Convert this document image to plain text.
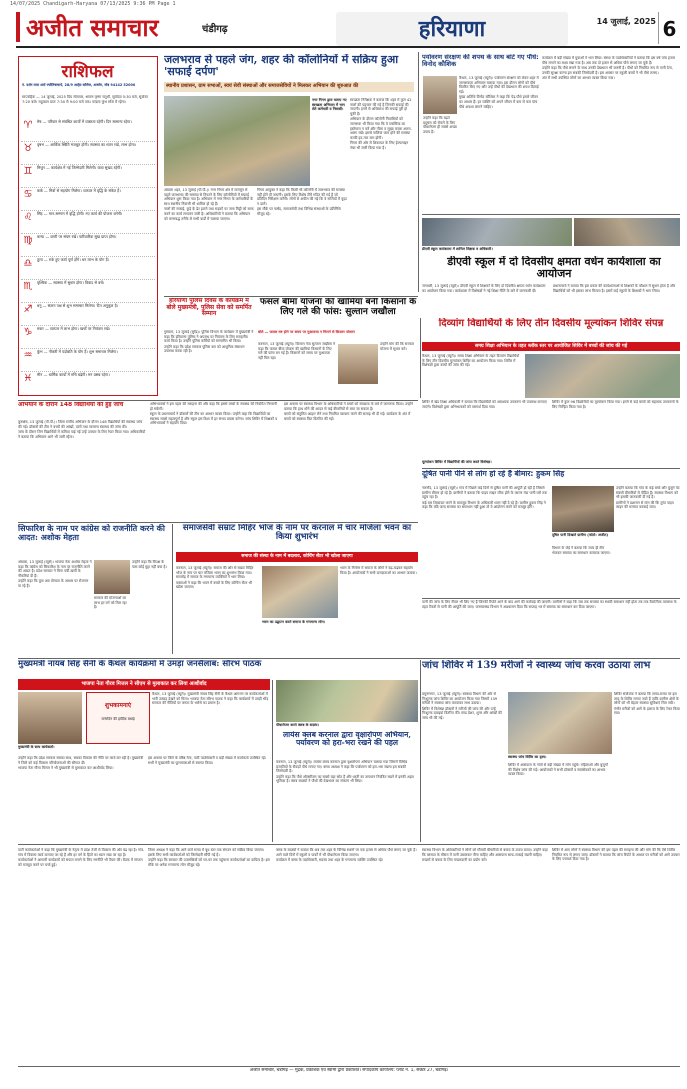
14/07/2025 Chandigarh-Haryana 07/13/2025 9:36 PM Page 1
अजीत समाचार	चंडीगढ़	हरियाणा	14 जुलाई, 2025 6
राशिफल
पं. दर्शन लाल शर्मा ज्योतिषाचार्य, 28/9 आर्ट्स कॉलेज, अजमेर, मोब 94142 52000
साप्ताहिक — 14 जुलाई, 2025 प्रिय सोमवार, श्रावण कृष्ण चतुर्थी, सूर्योदय 5:30 बजे, सूर्यास्त 7:20 बजे। राहुकाल प्रातः 7:30 से 9:00 बजे तक। चन्द्रमा कुंभ राशि में रहेगा।
♈	मेष — परिवार से संबंधित कार्यों में व्यस्तता रहेगी। दिन सामान्य रहेगा।
♉	वृषभ — आर्थिक स्थिति मजबूत होगी। स्वास्थ्य का ध्यान रखें, लाभ होगा।
♊	मिथुन — कार्यक्षेत्र में नई जिम्मेदारी मिलेगी। यात्रा सुखद रहेगी।
♋	कर्क — मित्रों से सहयोग मिलेगा। व्यापार में वृद्धि के संकेत हैं।
♌	सिंह — मान-सम्मान में वृद्धि होगी। नए कार्य की योजना बनेगी।
♍	कन्या — वाणी पर संयम रखें। पारिवारिक सुख प्राप्त होगा।
♎	तुला — रुके हुए कार्य पूर्ण होंगे। धन लाभ के योग हैं।
♏	वृश्चिक — स्वास्थ्य में सुधार होगा। विवाद से बचें।
♐	धनु — संतान पक्ष से शुभ समाचार मिलेगा। दिन अनुकूल है।
♑	मकर — व्यापार में लाभ होगा। खर्चों पर नियंत्रण रखें।
♒	कुंभ — नौकरी में पदोन्नति के योग हैं। शुभ समाचार मिलेगा।
♓	मीन — धार्मिक कार्यों में रुचि बढ़ेगी। मन प्रसन्न रहेगा।
जलभराव से पहले जंग, शहर की कॉलोनियों में सक्रिय हुआ 'सफाई दर्पण'
स्थानीय प्रशासन, ग्राम सभाओं, स्वयं सेवी संस्थाओं और समाजसेवियों ने मिलकर अभियान की शुरुआत की
नगर निगम द्वारा चलाए गए स्वच्छता अभियान में भाग लेते कर्मचारी व निवासी।

अंबाला शहर, 13 जुलाई (पी.पी.)। नगर निगम क्षेत्र में मानसून से पहले जलभराव की समस्या से निपटने के लिए कॉलोनियों में सफाई अभियान शुरू किया गया है। अभियान में नगर निगम के कर्मचारियों के साथ स्थानीय निवासी भी शामिल हो रहे हैं।

नालों की सफाई, कूड़े के ढेर हटाने तथा सड़कों पर जमा मिट्टी को साफ करने का कार्य लगातार जारी है। अधिकारियों ने बताया कि अभियान को चरणबद्ध तरीके से सभी वार्डों में चलाया जाएगा।

निगम आयुक्त ने कहा कि किसी भी कॉलोनी में जलभराव की समस्या नहीं होने दी जाएगी। इसके लिए विशेष टीमें गठित की गई हैं जो प्रतिदिन निरीक्षण करेंगी। लोगों से अपील की गई कि वे नालियों में कूड़ा न डालें।

इस मौके पर पार्षद, समाजसेवी तथा विभिन्न संस्थाओं के प्रतिनिधि मौजूद रहे।

स्वच्छता निरीक्षक ने बताया कि शहर में कुल 42 नालों की पहचान की गई है जिनकी सफाई की जाएगी। इनमें से अधिकांश की सफाई पूरी हो चुकी है।

अभियान के दौरान कॉलोनी निवासियों को जागरूक भी किया गया कि वे प्लास्टिक का इस्तेमाल न करें और गीला व सूखा कचरा अलग-अलग रखें। इससे नालियां जाम होने की समस्या काफी हद तक कम होगी।

निगम की ओर से शिकायत के लिए हेल्पलाइन नंबर भी जारी किया गया है।

पर्यावरण संरक्षण की शपथ के साथ बांटे गए पौधे: विनोद कौशिक

कैथल, 13 जुलाई (ब्यूरो)। पर्यावरण संरक्षण को लेकर शहर में जागरूकता अभियान चलाया गया। इस दौरान लोगों को पौधे वितरित किए गए और उन्हें पौधों की देखभाल की शपथ दिलाई गई।

मुख्य अतिथि विनोद कौशिक ने कहा कि पेड़-पौधे हमारे जीवन का आधार हैं। हर व्यक्ति को अपने जीवन में कम से कम पांच पौधे अवश्य लगाने चाहिए।

उन्होंने कहा कि बढ़ते प्रदूषण को रोकने के लिए पौधारोपण ही सबसे अच्छा उपाय है।

कार्यक्रम में बड़ी संख्या में युवाओं ने भाग लिया। संस्था के पदाधिकारियों ने बताया कि इस वर्ष पांच हजार पौधे लगाने का लक्ष्य रखा गया है। अब तक दो हजार से अधिक पौधे लगाए जा चुके हैं।

उन्होंने कहा कि पौधे लगाने के साथ उनकी देखभाल भी जरूरी है। पौधों को नियमित रूप से पानी देना, उनकी सुरक्षा करना हम सबकी जिम्मेदारी है। इस अवसर पर स्कूली बच्चों ने भी पौधे लगाए।

अंत में सभी उपस्थित लोगों का आभार व्यक्त किया गया।

डीएवी स्कूल कार्यशाला में शामिल शिक्षक व अधिकारी।
डीएवी स्कूल में दो दिवसीय क्षमता वर्धन कार्यशाला का आयोजन

जगाधरी, 13 जुलाई (ब्यूरो)। डीएवी स्कूल में शिक्षकों के लिए दो दिवसीय क्षमता वर्धन कार्यशाला का आयोजन किया गया। कार्यशाला में विशेषज्ञों ने नई शिक्षा नीति के बारे में जानकारी दी।

प्रधानाचार्य ने बताया कि इस प्रकार की कार्यशालाओं से शिक्षकों के कौशल में सुधार होता है और विद्यार्थियों को भी इसका लाभ मिलता है। इसमें कई स्कूलों के शिक्षकों ने भाग लिया।

हरियाणा पुलिस दिवस के कार्यक्रम में बोले मुख्यमंत्री, पुलिस सेवा को समर्पित सम्मान

गुरुग्राम, 13 जुलाई (सुरेंद्र)। पुलिस विभाग के कार्यक्रम में मुख्यमंत्री ने कहा कि हरियाणा पुलिस ने अपराध पर नियंत्रण के लिए सराहनीय कार्य किया है। उन्होंने पुलिस कर्मियों को सम्मानित भी किया।

उन्होंने कहा कि प्रदेश सरकार पुलिस बल को आधुनिक संसाधन उपलब्ध करवा रही है।

फसल बीमा योजना की खामियां बनी किसानों के लिए गले की फांस: सुल्तान जखौला
बोले — फसल नष्ट होने पर समय पर मुआवजा न मिलने से किसान परेशान

करनाल, 13 जुलाई (ब्यूरो)। किसान नेता सुल्तान जखौला ने कहा कि फसल बीमा योजना की खामियां किसानों के लिए गले की फांस बन गई हैं। किसानों को समय पर मुआवजा नहीं मिल रहा।

उन्होंने मांग की कि सरकार योजना में सुधार करे।

दिव्यांग विद्यार्थियों के लिए तीन दिवसीय मूल्यांकन शिविर संपन्न
समग्र शिक्षा अभियान के तहत ब्लॉक स्तर पर आयोजित शिविर में बच्चों की जांच की गई

कैथल, 13 जुलाई (ब्यूरो)। समग्र शिक्षा अभियान के तहत दिव्यांग विद्यार्थियों के लिए तीन दिवसीय मूल्यांकन शिविर का आयोजन किया गया। शिविर में विशेषज्ञों द्वारा बच्चों की जांच की गई।

अभियान के दौरान 148 विद्यार्थियों की हुई जांच

कुरुक्षेत्र, 13 जुलाई (पी.पी.)। जिला स्तरीय अभियान के दौरान 148 विद्यार्थियों की स्वास्थ्य जांच की गई। डॉक्टरों की टीम ने बच्चों की आंखों, दांतों तथा सामान्य स्वास्थ्य की जांच की।

जांच के दौरान जिन विद्यार्थियों में कमियां पाई गईं उन्हें उपचार के लिए रेफर किया गया। अधिकारियों ने बताया कि अभियान आगे भी जारी रहेगा।

अभिभावकों ने इस पहल की सराहना की और कहा कि इससे बच्चों के स्वास्थ्य की नियमित निगरानी हो सकेगी।

स्कूल के प्रधानाचार्य ने डॉक्टरों की टीम का आभार व्यक्त किया। उन्होंने कहा कि विद्यार्थियों का स्वास्थ्य सबसे महत्वपूर्ण है और स्कूल इस दिशा में हर संभव प्रयास करेगा। जांच शिविर में शिक्षकों व अभिभावकों ने सहयोग दिया।

इस अवसर पर स्वास्थ्य विभाग के अधिकारियों ने बच्चों को स्वच्छता के बारे में जागरूक किया। उन्होंने बताया कि हाथ धोने की आदत से कई बीमारियों से बचा जा सकता है।

बच्चों को संतुलित आहार लेने तथा नियमित व्यायाम करने की सलाह भी दी गई। कार्यक्रम के अंत में बच्चों को स्वास्थ्य किट वितरित की गईं।

शिविर में खंड शिक्षा अधिकारी ने बताया कि विद्यार्थियों को आवश्यक उपकरण भी उपलब्ध करवाए जाएंगे। विशेषज्ञों द्वारा अभिभावकों को परामर्श दिया गया।

शिविर में कुल 96 विद्यार्थियों का मूल्यांकन किया गया। इनमें से कई बच्चों को सहायक उपकरणों के लिए चिन्हित किया गया है।

मूल्यांकन शिविर में विद्यार्थियों की जांच करते विशेषज्ञ।
दूषित पानी पीने से लोग हो रहे हैं बीमार: हुकम सिंह

नारनौंद, 13 जुलाई (ब्यूरो)। गांव में पिछले कई दिनों से दूषित पानी की आपूर्ति हो रही है जिससे ग्रामीण बीमार हो रहे हैं। ग्रामीणों ने बताया कि पाइप लाइन लीक होने के कारण गंदा पानी घरों तक पहुंच रहा है।

कई बार शिकायत करने के बावजूद विभाग के अधिकारी ध्यान नहीं दे रहे हैं। ग्रामीण हुकम सिंह ने कहा कि यदि जल्द समस्या का समाधान नहीं हुआ तो वे आंदोलन करने को मजबूर होंगे।

दूषित पानी दिखाते ग्रामीण (फोटो: अजीत)

उन्होंने बताया कि गांव के कई बच्चे और बुजुर्ग पेट संबंधी बीमारियों से पीड़ित हैं। स्वास्थ्य विभाग को भी इसकी जानकारी दी गई है।

ग्रामीणों ने प्रशासन से मांग की कि तुरंत पाइप लाइन की मरम्मत करवाई जाए।

विभाग के जेई ने बताया कि जल्द ही टीम भेजकर समस्या का समाधान करवाया जाएगा।

सिफारिश के नाम पर कांग्रेस को राजनीति करने की आदत: अशोक मेहता

अंबाला, 13 जुलाई (ब्यूरो)। भाजपा नेता अशोक मेहता ने कहा कि कांग्रेस को सिफारिश के नाम पर राजनीति करने की आदत है। प्रदेश सरकार ने बिना पर्ची-खर्ची के नौकरियां दी हैं।

उन्होंने कहा कि युवा अब योग्यता के आधार पर रोजगार पा रहे हैं।

उन्होंने कहा कि विपक्ष के पास कोई मुद्दा नहीं बचा है।

सरकार की योजनाओं का लाभ हर वर्ग को मिल रहा है।

समाजसेवी सम्राट मिहिर भोज के नाम पर करनाल में चार मंजिला भवन का किया शुभारंभ
समाज की संस्था के नाम में बदलाव, कोचिंग सेंटर भी खोला जाएगा

करनाल, 13 जुलाई (ब्यूरो)। समाज की ओर से सम्राट मिहिर भोज के नाम पर चार मंजिला भवन का शुभारंभ किया गया। समारोह में समाज के गणमान्य व्यक्तियों ने भाग लिया।

वक्ताओं ने कहा कि भवन में बच्चों के लिए कोचिंग सेंटर भी खोला जाएगा।

भवन का उद्घाटन करते समाज के गणमान्य लोग।

भवन के निर्माण में समाज के लोगों ने बढ़-चढ़कर सहयोग किया है। आयोजकों ने सभी दानदाताओं का आभार जताया।

पानी की जांच के लिए सैंपल भी लिए गए हैं जिनकी रिपोर्ट आने के बाद आगे की कार्रवाई की जाएगी। ग्रामीणों ने कहा कि जब तक समस्या का स्थायी समाधान नहीं होता तब तक वैकल्पिक व्यवस्था के तहत टैंकरों से पानी की आपूर्ति की जाए। जनस्वास्थ्य विभाग ने आश्वासन दिया कि सप्ताह भर में समस्या का समाधान कर दिया जाएगा।

मुख्यमंत्री नायब सिंह सैनी के कैथल कार्यक्रमों में उमड़ा जनसैलाब: सौरभ पाठक
भाजपा नेता गौरव मित्तल ने सीएम से मुलाकात कर लिया आशीर्वाद
जांच शिविर में 139 मरीजों ने स्वास्थ्य जांच करवा उठाया लाभ
मुख्यमंत्री के साथ कार्यकर्ता।
शुभकामनाएं
जन्मदिन की हार्दिक बधाई

कैथल, 13 जुलाई (ब्यूरो)। मुख्यमंत्री नायब सिंह सैनी के कैथल आगमन पर कार्यकर्ताओं में भारी उत्साह देखने को मिला। भाजपा नेता सौरभ पाठक ने कहा कि कार्यक्रमों में उमड़ी भीड़ सरकार की नीतियों पर जनता के भरोसे का प्रमाण है।

उन्होंने कहा कि प्रदेश सरकार सबका साथ, सबका विकास की नीति पर कार्य कर रही है। मुख्यमंत्री ने जिले को कई विकास परियोजनाओं की सौगात दी।

भाजपा नेता गौरव मित्तल ने भी मुख्यमंत्री से मुलाकात कर आशीर्वाद लिया।

इस अवसर पर जिले के वरिष्ठ नेता, पार्टी पदाधिकारी व बड़ी संख्या में कार्यकर्ता उपस्थित रहे। सभी ने मुख्यमंत्री का फूलमालाओं से स्वागत किया।

पौधारोपण करते क्लब के सदस्य।
लायंस क्लब करनाल द्वारा वृक्षारोपण अभियान, पर्यावरण को हरा-भरा रखने की पहल

करनाल, 13 जुलाई (ब्यूरो)। लायंस क्लब करनाल द्वारा वृक्षारोपण अभियान चलाया गया जिसमें विभिन्न प्रजातियों के सैकड़ों पौधे लगाए गए। क्लब अध्यक्ष ने कहा कि पर्यावरण को हरा-भरा रखना हम सबकी जिम्मेदारी है।

उन्होंने कहा कि पौधे ऑक्सीजन का सबसे बड़ा स्रोत हैं और धरती का तापमान नियंत्रित रखने में इनकी अहम भूमिका है। क्लब सदस्यों ने पौधों की देखभाल का संकल्प भी लिया।

यमुनानगर, 13 जुलाई (ब्यूरो)। स्वास्थ्य विभाग की ओर से निःशुल्क जांच शिविर का आयोजन किया गया जिसमें 139 मरीजों ने स्वास्थ्य जांच करवाकर लाभ उठाया।

शिविर में विशेषज्ञ डॉक्टरों ने मरीजों की जांच की और उन्हें निःशुल्क दवाइयां वितरित कीं। ब्लड प्रेशर, शुगर और आंखों की जांच भी की गई।

स्वास्थ्य जांच शिविर का दृश्य।

शिविर संयोजक ने बताया कि समय-समय पर इस तरह के शिविर लगाए जाते हैं ताकि ग्रामीण क्षेत्रों के लोगों को भी बेहतर स्वास्थ्य सुविधाएं मिल सकें।

गंभीर मरीजों को आगे के इलाज के लिए रेफर किया गया।

शिविर में आसपास के गांवों से बड़ी संख्या में लोग पहुंचे। महिलाओं और बुजुर्गों की विशेष जांच की गई। आयोजकों ने सभी डॉक्टरों व स्वयंसेवकों का आभार व्यक्त किया।

पार्टी कार्यकर्ताओं ने कहा कि मुख्यमंत्री के नेतृत्व में प्रदेश तेजी से विकास की ओर बढ़ रहा है। गांव-गांव में विकास कार्य करवाए जा रहे हैं और हर वर्ग के हितों का ध्यान रखा जा रहा है।

कार्यकर्ताओं ने आगामी कार्यक्रमों को सफल बनाने के लिए रणनीति भी तैयार की। बैठक में संगठन को मजबूत करने पर चर्चा हुई।

जिला अध्यक्ष ने कहा कि आने वाले समय में बूथ स्तर तक संगठन को सक्रिय किया जाएगा। इसके लिए सभी कार्यकर्ताओं को जिम्मेदारी सौंपी गई है।

उन्होंने कहा कि सरकार की उपलब्धियों को घर-घर तक पहुंचाना कार्यकर्ताओं का दायित्व है। इस मौके पर अनेक गणमान्य लोग मौजूद रहे।

क्लब के सदस्यों ने बताया कि अब तक शहर के विभिन्न स्थानों पर एक हजार से अधिक पौधे लगाए जा चुके हैं। आने वाले दिनों में स्कूलों व पार्कों में भी पौधारोपण किया जाएगा।

कार्यक्रम में क्लब के पदाधिकारी, सदस्य तथा शहर के गणमान्य व्यक्ति उपस्थित रहे।

स्वास्थ्य विभाग के अधिकारियों ने लोगों को मौसमी बीमारियों से बचाव के उपाय बताए। उन्होंने कहा कि बरसात के मौसम में पानी उबालकर पीना चाहिए और आसपास साफ-सफाई रखनी चाहिए।

मच्छरों से बचाव के लिए मच्छरदानी का प्रयोग करें।

शिविर में आए लोगों ने स्वास्थ्य विभाग की इस पहल की सराहना की और मांग की कि ऐसे शिविर नियमित रूप से लगाए जाएं। डॉक्टरों ने बताया कि जांच रिपोर्ट के आधार पर मरीजों को आगे उपचार के लिए परामर्श दिया गया है।

अजीत समाचार, चंडीगढ़ — मुद्रक, प्रकाशक एवं स्वामी द्वारा प्रकाशित। संपादकीय कार्यालय: प्लॉट नं. 1, सेक्टर 27, चंडीगढ़।
